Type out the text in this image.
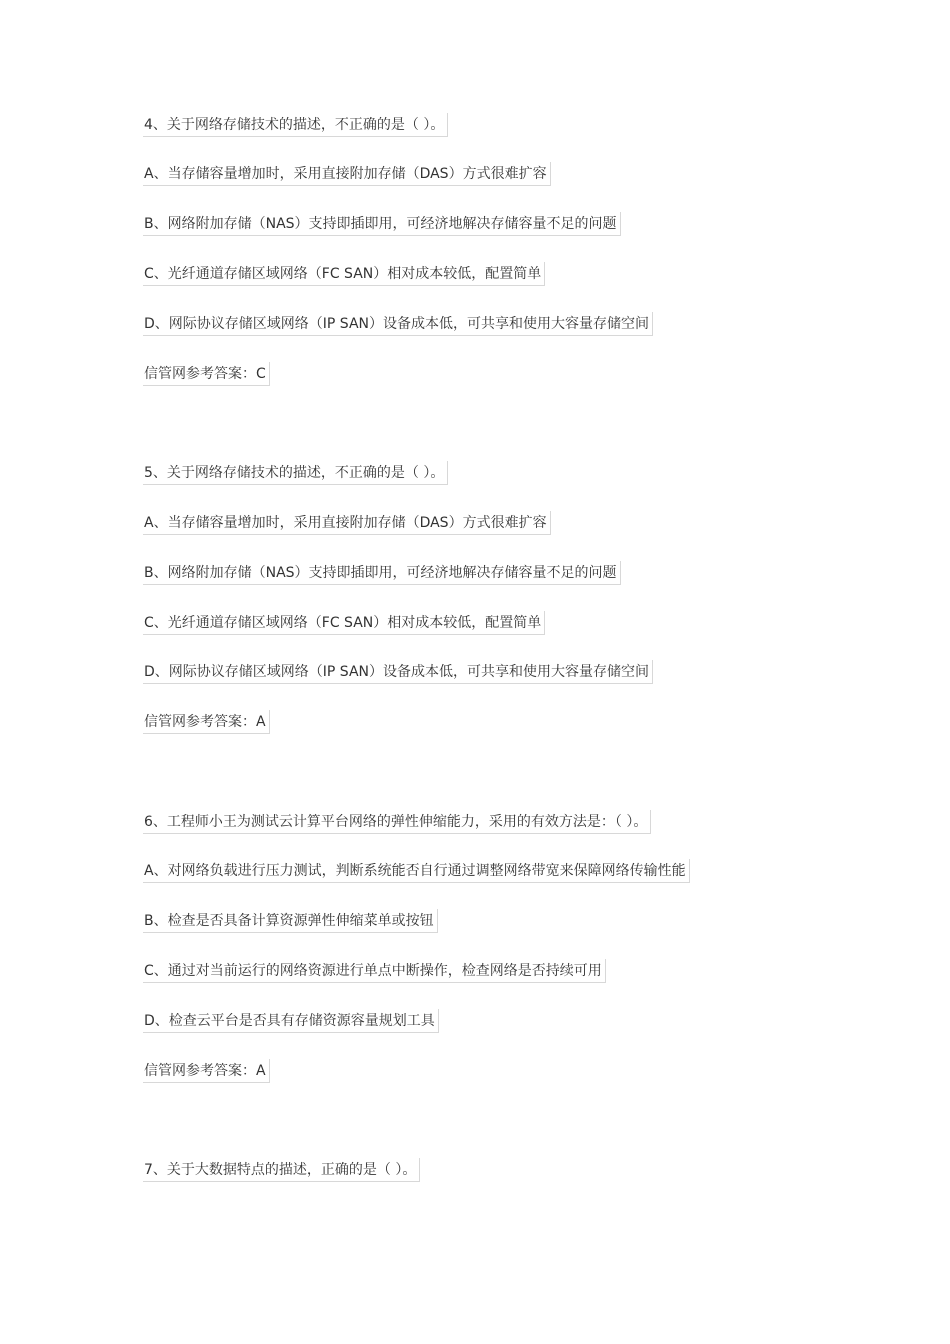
4、关于网络存储技术的描述，不正确的是（ ）。
A、当存储容量增加时，采用直接附加存储（DAS）方式很难扩容
B、网络附加存储（NAS）支持即插即用，可经济地解决存储容量不足的问题
C、光纤通道存储区域网络（FC SAN）相对成本较低，配置简单
D、网际协议存储区域网络（IP SAN）设备成本低，可共享和使用大容量存储空间
信管网参考答案：C
5、关于网络存储技术的描述，不正确的是（ ）。
A、当存储容量增加时，采用直接附加存储（DAS）方式很难扩容
B、网络附加存储（NAS）支持即插即用，可经济地解决存储容量不足的问题
C、光纤通道存储区域网络（FC SAN）相对成本较低，配置简单
D、网际协议存储区域网络（IP SAN）设备成本低，可共享和使用大容量存储空间
信管网参考答案：A
6、工程师小王为测试云计算平台网络的弹性伸缩能力，采用的有效方法是：（ ）。
A、对网络负载进行压力测试，判断系统能否自行通过调整网络带宽来保障网络传输性能
B、检查是否具备计算资源弹性伸缩菜单或按钮
C、通过对当前运行的网络资源进行单点中断操作，检查网络是否持续可用
D、检查云平台是否具有存储资源容量规划工具
信管网参考答案：A
7、关于大数据特点的描述，正确的是（ ）。
